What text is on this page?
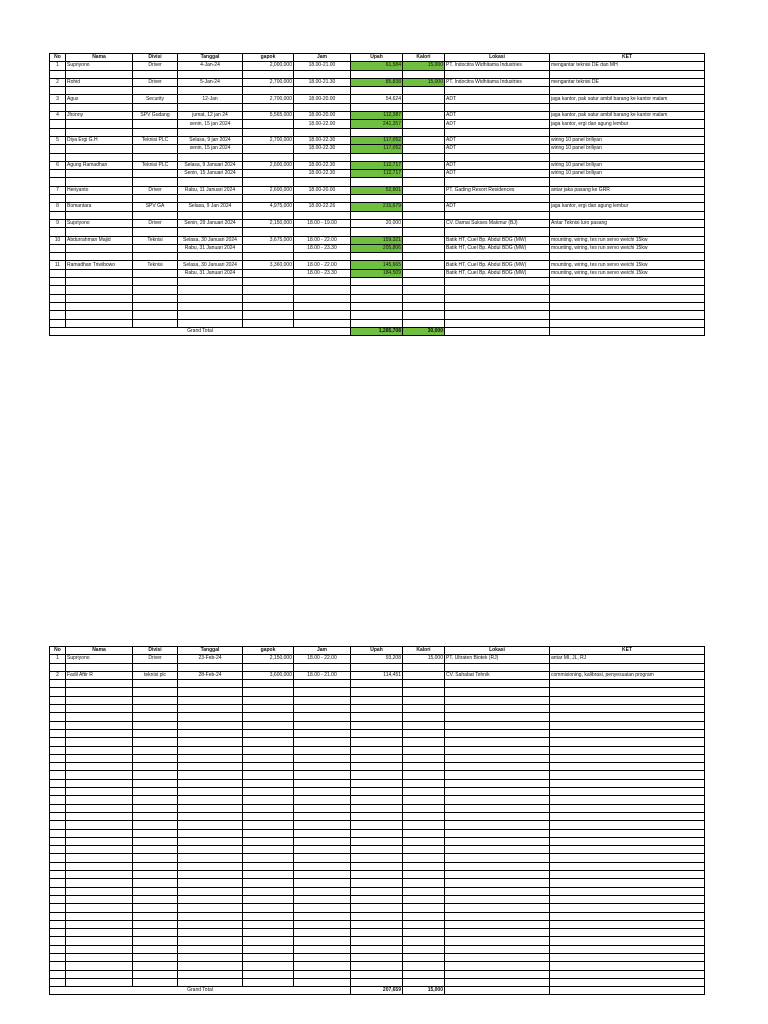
No	Nama	Divisi	Tanggal	gapok	Jam	Upah	Kalori	Lokasi	KET
1	Supriyono	Driver	4-Jan-24	2,000,000	18.00-21.00	61,584	15,000	PT. Indocitra Widhitama Industries	mengantar teknisi DE dan MH

2	Rohid	Driver	5-Jan-24	2,700,000	18.00-21.30	85,838	15,000	PT. Indocitra Widhitama Industries	mengantar teknisi DE

3	Agus	Security	12-Jan	2,700,000	18.00-20.00	54,624		ADT	jaga kantor, pak satur ambil barang ke kantor malam

4	Jhonny	SPV Gudang	jumat, 12 jan 24	5,565,000	18.00-20.00	112,387		ADT	jaga kantor, pak satur ambil barang ke kantor malam
			senin, 15 jan 2024		18.00-22.00	241,257		ADT	jaga kantor, ergi dan agung lembur

5	Diya Ergi G.H	Teknisi PLC	Selasa, 9 jan 2024	2,700,000	18.00-22.30	117,052		ADT	wiring 10 panel briliyan
			senin, 15 jan 2024		18.00-22.30	117,052		ADT	wiring 10 panel briliyan

6	Agung Ramadhan	Teknisi PLC	Selasa, 9 Januari 2024	2,600,000	18.00-22.30	112,717		ADT	wiring 10 panel briliyan
			Senin, 15 Januari 2024		18.00-22.30	112,717		ADT	wiring 10 panel briliyan

7	Heriyanto	Driver	Rabu, 11 Januari 2024	2,600,000	18.00-20.00	52,601		PT. Gading Resort Residences	antar jaka pasang ke GRR

8	Bomantara	SPV GA	Selasa, 9 Jan 2024	4,975,000	18.00-22.26	215,679		ADT	jaga kantor, ergi dan agung lembur

9	Supriyono	Driver	Senin, 29 Januari 2024	2,150,000	18.00 - 19.00	20,000		CV. Damai Sukses Makmur (BJ)	Antar Teknisi luro pasang

10	Abdurrahman Majid	Teknisi	Selasa, 30 Januari 2024	3,675,000	18.00 - 22.00	159,321		Batik HT, Cuel Bp. Abdul BDG (MW)	mounting, wiring, tes run servo weichi 15kw
			Rabu, 31 Januari 2024		18.00 - 23.30	205,806		Batik HT, Cuel Bp. Abdul BDG (MW)	mounting, wiring, tes run servo weichi 15kw

11	Ramadhan Triwibowo	Teknisi	Selasa, 30 Januari 2024	3,360,000	18.00 - 22.00	145,665		Batik HT, Cuel Bp. Abdul BDG (MW)	mounting, wiring, tes run servo weichi 15kw
			Rabu, 31 Januari 2024		18.00 - 23.30	184,509		Batik HT, Cuel Bp. Abdul BDG (MW)	mounting, wiring, tes run servo weichi 15kw

Grand Total						1,285,708	30,000		
No	Nama	Divisi	Tanggal	gapok	Jam	Upah	Kalori	Lokasi	KET
1	Supriyono	Driver	23-Feb-24	2,150,000	18.00 - 22.00	93,208	15,000	PT. Ultraten Biotek (RJ)	antar MI, JL, RJ

2	Fadil Aftir R	teknisi plc	28-Feb-24	3,600,000	18.00 - 21.00	114,451		CV. Sahabat Tehnik	commisioning, kalibrasi, penyesuaian program

Grand Total						207,659	15,000		
